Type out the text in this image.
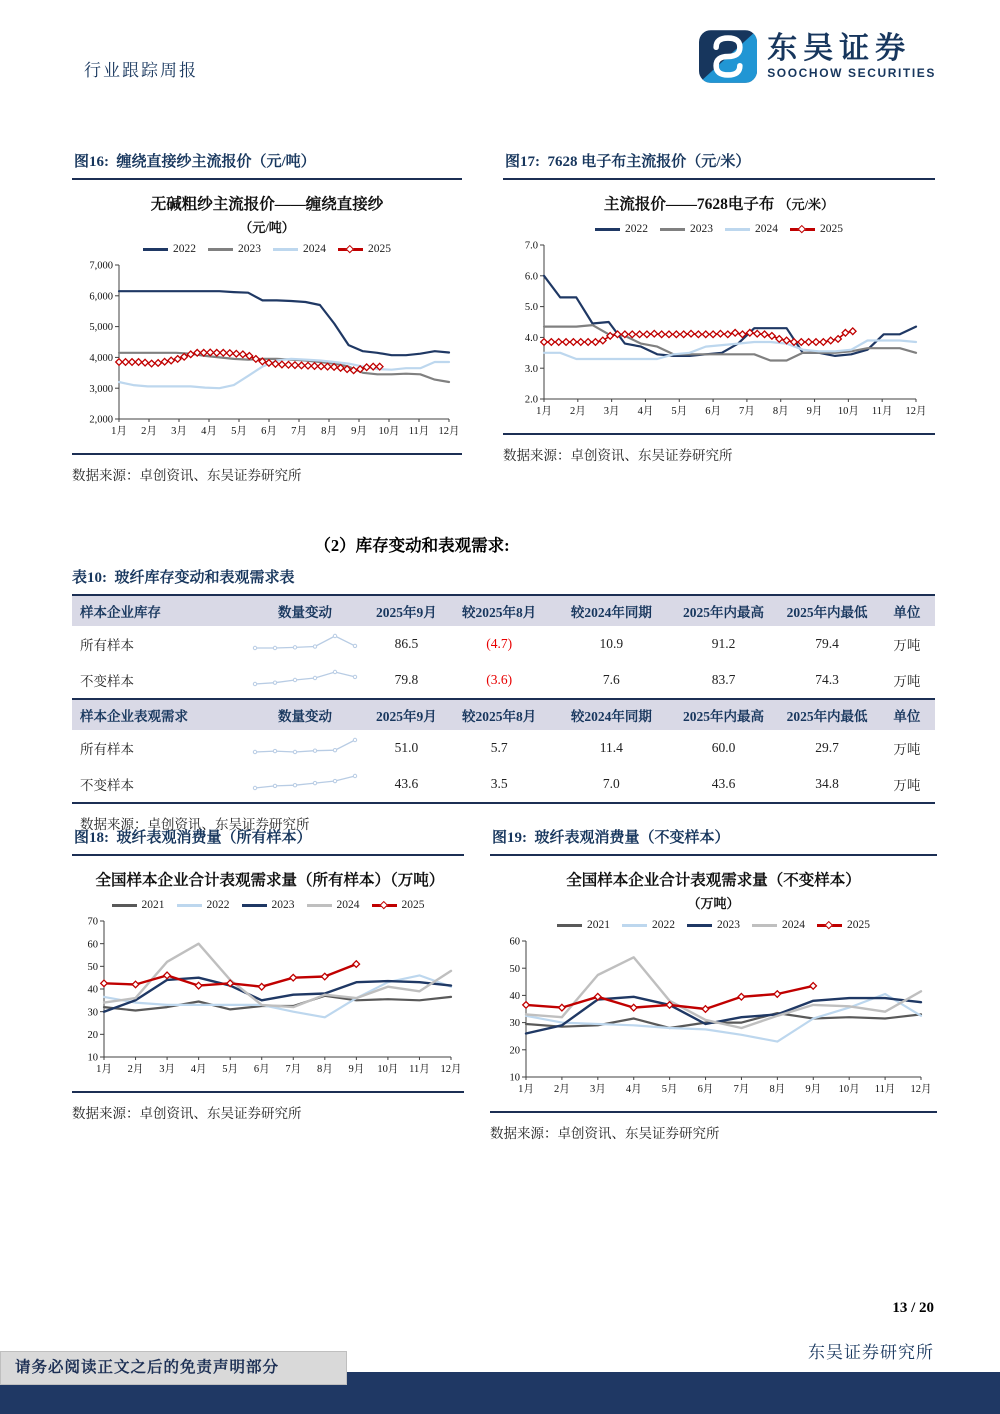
行业跟踪周报
东吴证券
SOOCHOW SECURITIES
图16:  缠绕直接纱主流报价（元/吨）
无碱粗纱主流报价——缠绕直接纱
（元/吨）
2022	2023	2024	2025
2,000
3,000
4,000
5,000
6,000
7,000
1月 2月 3月 4月 5月 6月 7月 8月 9月 10月 11月 12月
数据来源：卓创资讯、东吴证券研究所
图17:  7628 电子布主流报价（元/米）
主流报价——7628电子布 （元/米）
2022	2023	2024	2025
2.0
3.0
4.0
5.0
6.0
7.0
1月 2月 3月 4月 5月 6月 7月 8月 9月 10月 11月 12月
数据来源：卓创资讯、东吴证券研究所
（2）库存变动和表观需求:
表10:  玻纤库存变动和表观需求表
样本企业库存	数量变动	2025年9月	较2025年8月	较2024年同期	2025年内最高	2025年内最低	单位
所有样本		86.5	(4.7)	10.9	91.2	79.4	万吨
不变样本		79.8	(3.6)	7.6	83.7	74.3	万吨
样本企业表观需求	数量变动	2025年9月	较2025年8月	较2024年同期	2025年内最高	2025年内最低	单位
所有样本		51.0	5.7	11.4	60.0	29.7	万吨
不变样本		43.6	3.5	7.0	43.6	34.8	万吨
数据来源：卓创资讯、东吴证券研究所
图18:  玻纤表观消费量（所有样本）
全国样本企业合计表观需求量（所有样本）（万吨）
2021	2022	2023	2024	2025
10
20
30
40
50
60
70
1月 2月 3月 4月 5月 6月 7月 8月 9月 10月 11月 12月
数据来源：卓创资讯、东吴证券研究所
图19:  玻纤表观消费量（不变样本）
全国样本企业合计表观需求量（不变样本）
（万吨）
2021	2022	2023	2024	2025
10
20
30
40
50
60
1月 2月 3月 4月 5月 6月 7月 8月 9月 10月 11月 12月
数据来源：卓创资讯、东吴证券研究所
13 / 20
东吴证券研究所
请务必阅读正文之后的免责声明部分
